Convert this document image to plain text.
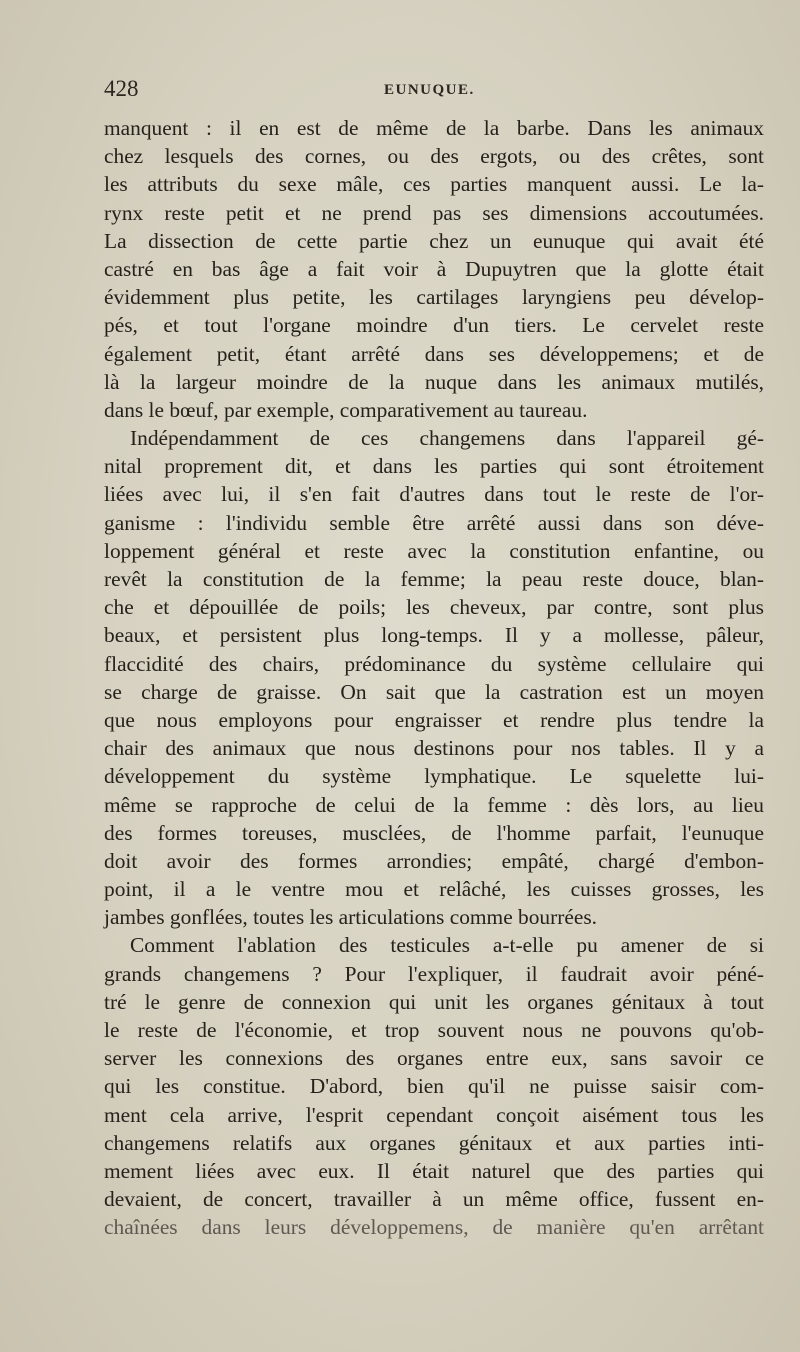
428	EUNUQUE.
manquent : il en est de même de la barbe. Dans les animaux
chez lesquels des cornes, ou des ergots, ou des crêtes, sont
les attributs du sexe mâle, ces parties manquent aussi. Le la-
rynx reste petit et ne prend pas ses dimensions accoutumées.
La dissection de cette partie chez un eunuque qui avait été
castré en bas âge a fait voir à Dupuytren que la glotte était
évidemment plus petite, les cartilages laryngiens peu dévelop-
pés, et tout l'organe moindre d'un tiers. Le cervelet reste
également petit, étant arrêté dans ses développemens; et de
là la largeur moindre de la nuque dans les animaux mutilés,
dans le bœuf, par exemple, comparativement au taureau.
Indépendamment de ces changemens dans l'appareil gé-
nital proprement dit, et dans les parties qui sont étroitement
liées avec lui, il s'en fait d'autres dans tout le reste de l'or-
ganisme : l'individu semble être arrêté aussi dans son déve-
loppement général et reste avec la constitution enfantine, ou
revêt la constitution de la femme; la peau reste douce, blan-
che et dépouillée de poils; les cheveux, par contre, sont plus
beaux, et persistent plus long-temps. Il y a mollesse, pâleur,
flaccidité des chairs, prédominance du système cellulaire qui
se charge de graisse. On sait que la castration est un moyen
que nous employons pour engraisser et rendre plus tendre la
chair des animaux que nous destinons pour nos tables. Il y a
développement du système lymphatique. Le squelette lui-
même se rapproche de celui de la femme : dès lors, au lieu
des formes toreuses, musclées, de l'homme parfait, l'eunuque
doit avoir des formes arrondies; empâté, chargé d'embon-
point, il a le ventre mou et relâché, les cuisses grosses, les
jambes gonflées, toutes les articulations comme bourrées.
Comment l'ablation des testicules a-t-elle pu amener de si
grands changemens ? Pour l'expliquer, il faudrait avoir péné-
tré le genre de connexion qui unit les organes génitaux à tout
le reste de l'économie, et trop souvent nous ne pouvons qu'ob-
server les connexions des organes entre eux, sans savoir ce
qui les constitue. D'abord, bien qu'il ne puisse saisir com-
ment cela arrive, l'esprit cependant conçoit aisément tous les
changemens relatifs aux organes génitaux et aux parties inti-
mement liées avec eux. Il était naturel que des parties qui
devaient, de concert, travailler à un même office, fussent en-
chaînées dans leurs développemens, de manière qu'en arrêtant
